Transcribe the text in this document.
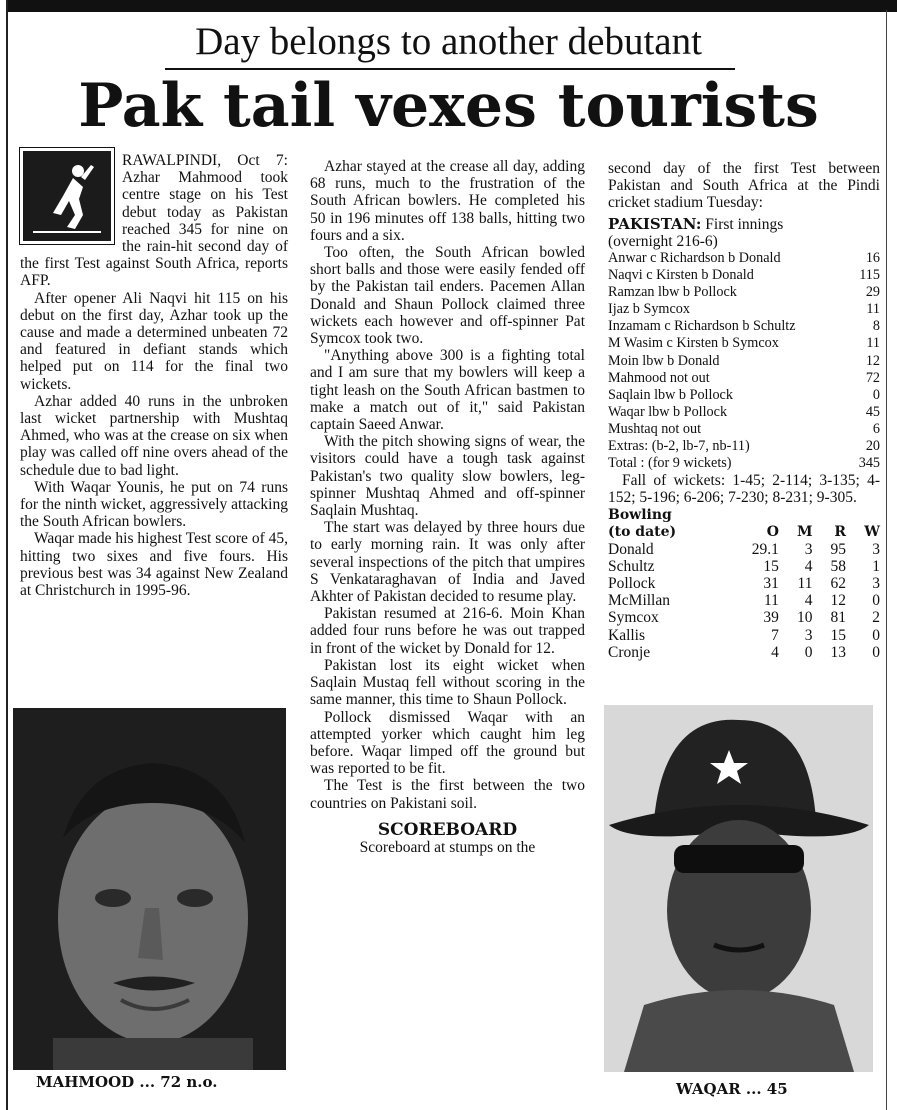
Day belongs to another debutant
Pak tail vexes tourists

RAWALPINDI, Oct 7: Azhar Mahmood took centre stage on his Test debut today as Pakistan reached 345 for nine on the rain-hit second day of the first Test against South Africa, reports AFP.

After opener Ali Naqvi hit 115 on his debut on the first day, Azhar took up the cause and made a determined unbeaten 72 and featured in defiant stands which helped put on 114 for the final two wickets.

Azhar added 40 runs in the unbroken last wicket partnership with Mushtaq Ahmed, who was at the crease on six when play was called off nine overs ahead of the schedule due to bad light.

With Waqar Younis, he put on 74 runs for the ninth wicket, aggressively attacking the South African bowlers.

Waqar made his highest Test score of 45, hitting two sixes and five fours. His previous best was 34 against New Zealand at Christchurch in 1995-96.

Azhar stayed at the crease all day, adding 68 runs, much to the frustration of the South African bowlers. He completed his 50 in 196 minutes off 138 balls, hitting two fours and a six.

Too often, the South African bowled short balls and those were easily fended off by the Pakistan tail enders. Pacemen Allan Donald and Shaun Pollock claimed three wickets each however and off-spinner Pat Symcox took two.

"Anything above 300 is a fighting total and I am sure that my bowlers will keep a tight leash on the South African bastmen to make a match out of it," said Pakistan captain Saeed Anwar.

With the pitch showing signs of wear, the visitors could have a tough task against Pakistan's two quality slow bowlers, leg-spinner Mushtaq Ahmed and off-spinner Saqlain Mushtaq.

The start was delayed by three hours due to early morning rain. It was only after several inspections of the pitch that umpires S Venkataraghavan of India and Javed Akhter of Pakistan decided to resume play.

Pakistan resumed at 216-6. Moin Khan added four runs before he was out trapped in front of the wicket by Donald for 12.

Pakistan lost its eight wicket when Saqlain Mustaq fell without scoring in the same manner, this time to Shaun Pollock.

Pollock dismissed Waqar with an attempted yorker which caught him leg before. Waqar limped off the ground but was reported to be fit.

The Test is the first between the two countries on Pakistani soil.

SCOREBOARD
Scoreboard at stumps on the

second day of the first Test between Pakistan and South Africa at the Pindi cricket stadium Tuesday:

PAKISTAN: First innings
(overnight 216-6)
Anwar c Richardson b Donald	16
Naqvi c Kirsten b Donald	115
Ramzan lbw b Pollock	29
Ijaz b Symcox	11
Inzamam c Richardson b Schultz	8
M Wasim c Kirsten b Symcox	11
Moin lbw b Donald	12
Mahmood not out	72
Saqlain lbw b Pollock	0
Waqar lbw b Pollock	45
Mushtaq not out	6
Extras: (b-2, lb-7, nb-11)	20
Total : (for 9 wickets)	345

Fall of wickets: 1-45; 2-114; 3-135; 4-152; 5-196; 6-206; 7-230; 8-231; 9-305.

Bowling				
(to date)	O	M	R	W
Donald	29.1	3	95	3
Schultz	15	4	58	1
Pollock	31	11	62	3
McMillan	11	4	12	0
Symcox	39	10	81	2
Kallis	7	3	15	0
Cronje	4	0	13	0
MAHMOOD ... 72 n.o.	WAQAR ... 45
